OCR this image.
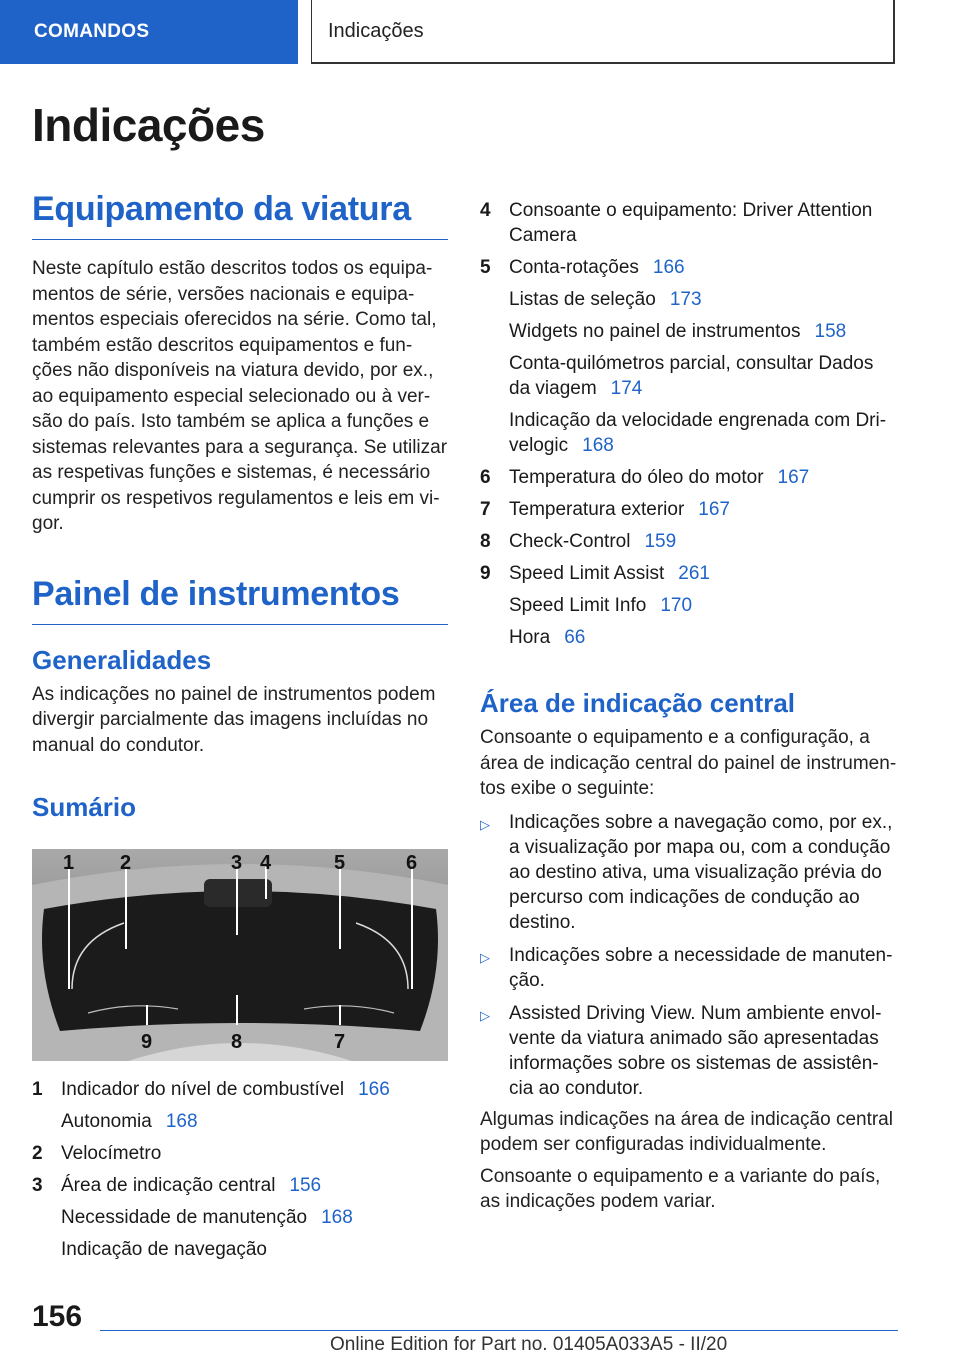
COMANDOS	Indicações
Indicações
Equipamento da viatura
Neste capítulo estão descritos todos os equipa-mentos de série, versões nacionais e equipa-mentos especiais oferecidos na série. Como tal, também estão descritos equipamentos e fun-ções não disponíveis na viatura devido, por ex., ao equipamento especial selecionado ou à ver-são do país. Isto também se aplica a funções e sistemas relevantes para a segurança. Se utilizar as respetivas funções e sistemas, é necessário cumprir os respetivos regulamentos e leis em vi-gor.
Painel de instrumentos
Generalidades
As indicações no painel de instrumentos podem divergir parcialmente das imagens incluídas no manual do condutor.
Sumário
1 2	3 4	5	6
9	8	7
1 Indicador do nível de combustível 166
Autonomia 168
2 Velocímetro
3 Área de indicação central 156
Necessidade de manutenção 168
Indicação de navegação
4 Consoante o equipamento: Driver Attention Camera
5 Conta-rotações 166
Listas de seleção 173
Widgets no painel de instrumentos 158
Conta-quilómetros parcial, consultar Dados da viagem 174
Indicação da velocidade engrenada com Dri-velogic 168
6 Temperatura do óleo do motor 167
7 Temperatura exterior 167
8 Check-Control 159
9 Speed Limit Assist 261
Speed Limit Info 170
Hora 66
Área de indicação central
Consoante o equipamento e a configuração, a área de indicação central do painel de instrumen-tos exibe o seguinte:
▷	Indicações sobre a navegação como, por ex., a visualização por mapa ou, com a condução ao destino ativa, uma visualização prévia do percurso com indicações de condução ao destino.
▷	Indicações sobre a necessidade de manuten-ção.
▷	Assisted Driving View. Num ambiente envol-vente da viatura animado são apresentadas informações sobre os sistemas de assistên-cia ao condutor.
Algumas indicações na área de indicação central podem ser configuradas individualmente.
Consoante o equipamento e a variante do país, as indicações podem variar.
156
Online Edition for Part no. 01405A033A5 - II/20
